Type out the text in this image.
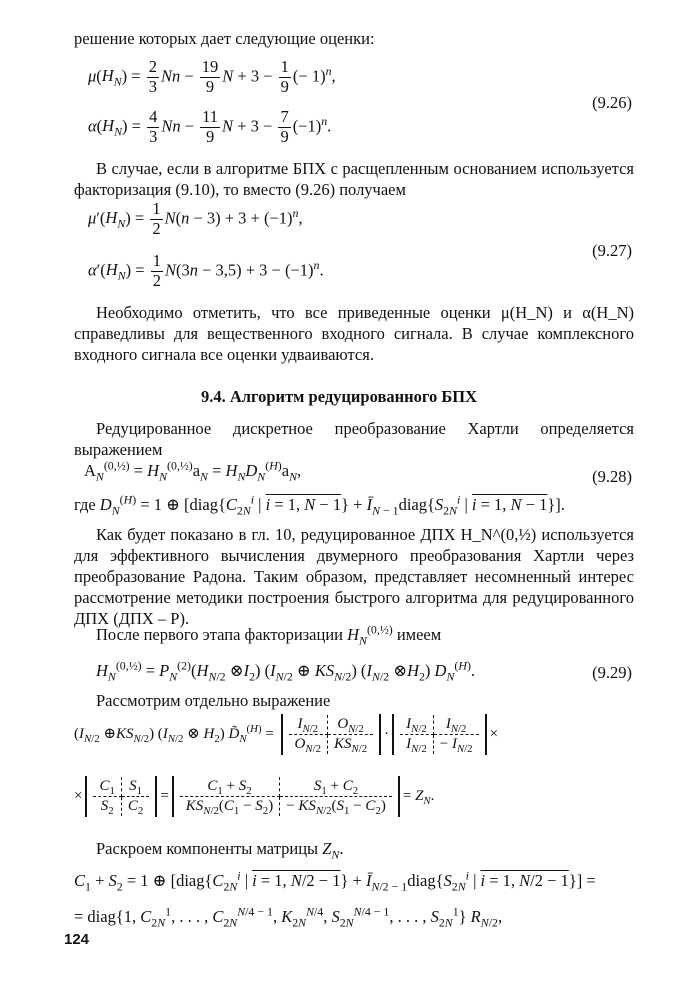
решение которых дает следующие оценки:
$\mu(H_N) = \frac{2}{3}$ $Nn - \frac{19}{9}$ $N + 3 - \frac{1}{9}$ (− 1)$^n$,
(9.26)
$\alpha(H_N) = \frac{4}{3}$ $Nn - \frac{11}{9}$ $N + 3 - \frac{7}{9} (-1)^n$.
В случае, если в алгоритме БПХ с расщепленным основанием используется факторизация (9.10), то вместо (9.26) получаем
$\mu'(H_N) = \frac{1}{2} N(n - 3) + 3 + (-1)^n$,
(9.27)
$\alpha'(H_N) = \frac{1}{2} N(3n - 3,5) + 3 - (-1)^n$.
Необходимо отметить, что все приведенные оценки μ(H_N) и α(H_N) справедливы для вещественного входного сигнала. В случае комплексного входного сигнала все оценки удваиваются.
9.4. Алгоритм редуцированного БПХ
Редуцированное дискретное преобразование Хартли определяется выражением
$A_N^{(0,\frac{1}{2})} = H_N^{(0,\frac{1}{2})}a_N = H_ND_N^{(H)}a_N$,	(9.28)
где $D_N^{(H)} = 1$ ⊕ [$diag\{C_{2N}^i$ | i = 1, $N - 1\} + Ī_{N - 1}diag\{S_{2N}^i$ | i = 1, N − 1}].
Как будет показано в гл. 10, редуцированное ДПХ H_N^(0,½) используется для эффективного вычисления двумерного преобразования Хартли через преобразование Радона. Таким образом, представляет несомненный интерес рассмотрение методики построения быстрого алгоритма для редуцированного ДПХ (ДПХ – Р).
После первого этапа факторизации $H_N^{(0,\frac{1}{2})}$ имеем
$H_N^{(0,\frac{1}{2})} = P_N^{(2)}(H_{N/2}$ $\otimes I_2$) ($I_{N/2}$ ⊕ $KS_{N/2}$) ($I_{N/2}$ $\otimes H_2$) $D_N^{(H)}$.	(9.29)
Рассмотрим отдельно выражение
($I_{N/2}$ $\oplus KS_{N/2}$) ($I_{N/2}$ ⊗ $H_2$) $D̃_N^{(H)}$ =
$I_{N/2}$	$O_{N/2}$
$O_{N/2}$	$KS_{N/2}$
·
$I_{N/2}$	$I_{N/2}$
$I_{N/2}$	− $I_{N/2}$
×
×
$C_1$	$S_1$
$S_2$	$C_2$
=
$C_1 + S_2$	$S_1 + C_2$
$KS_{N/2}(C_1 - S_2)$	− $KS_{N/2}(S_1 - C_2)$
= $Z_N$.
Раскроем компоненты матрицы $Z_N$.
$C_1 + S_2 = 1$ ⊕ [$diag\{C_{2N}^i$ | i = 1, $N/2 - 1\} + Ī_{N/2 - 1}diag\{S_{2N}^i$ | i = 1, N/2 − 1}] =
= diag{1, $C_{2N}^1$, . . . , $C_{2N}^{N/4 - 1}$, $K_{2N}^{N/4}$, $S_{2N}^{N/4 - 1}$, . . . , $S_{2N}^1$} $R_{N/2}$,
124
